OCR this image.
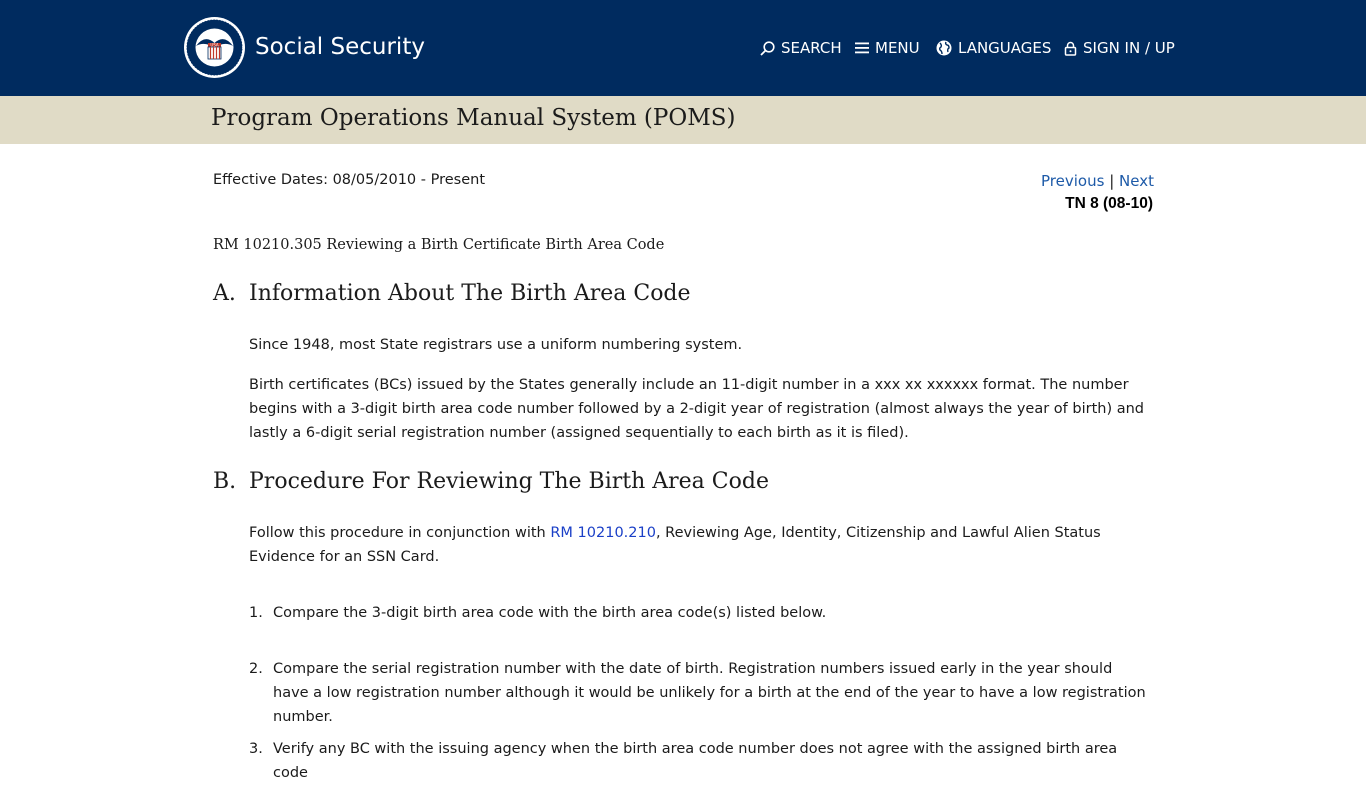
USA Social Security	SEARCH MENU	LANGUAGES SIGN IN / UP
Program Operations Manual System (POMS)
Effective Dates: 08/05/2010 - Present	Previous | Next
TN 8 (08-10)
RM 10210.305 Reviewing a Birth Certificate Birth Area Code
A. Information About The Birth Area Code
Since 1948, most State registrars use a uniform numbering system.
Birth certificates (BCs) issued by the States generally include an 11-digit number in a xxx xx xxxxxx format. The number begins with a 3-digit birth area code number followed by a 2-digit year of registration (almost always the year of birth) and lastly a 6-digit serial registration number (assigned sequentially to each birth as it is filed).
B. Procedure For Reviewing The Birth Area Code
Follow this procedure in conjunction with RM 10210.210, Reviewing Age, Identity, Citizenship and Lawful Alien Status Evidence for an SSN Card.
1. Compare the 3-digit birth area code with the birth area code(s) listed below.
2. Compare the serial registration number with the date of birth. Registration numbers issued early in the year should have a low registration number although it would be unlikely for a birth at the end of the year to have a low registration number.
3. Verify any BC with the issuing agency when the birth area code number does not agree with the assigned birth area code
